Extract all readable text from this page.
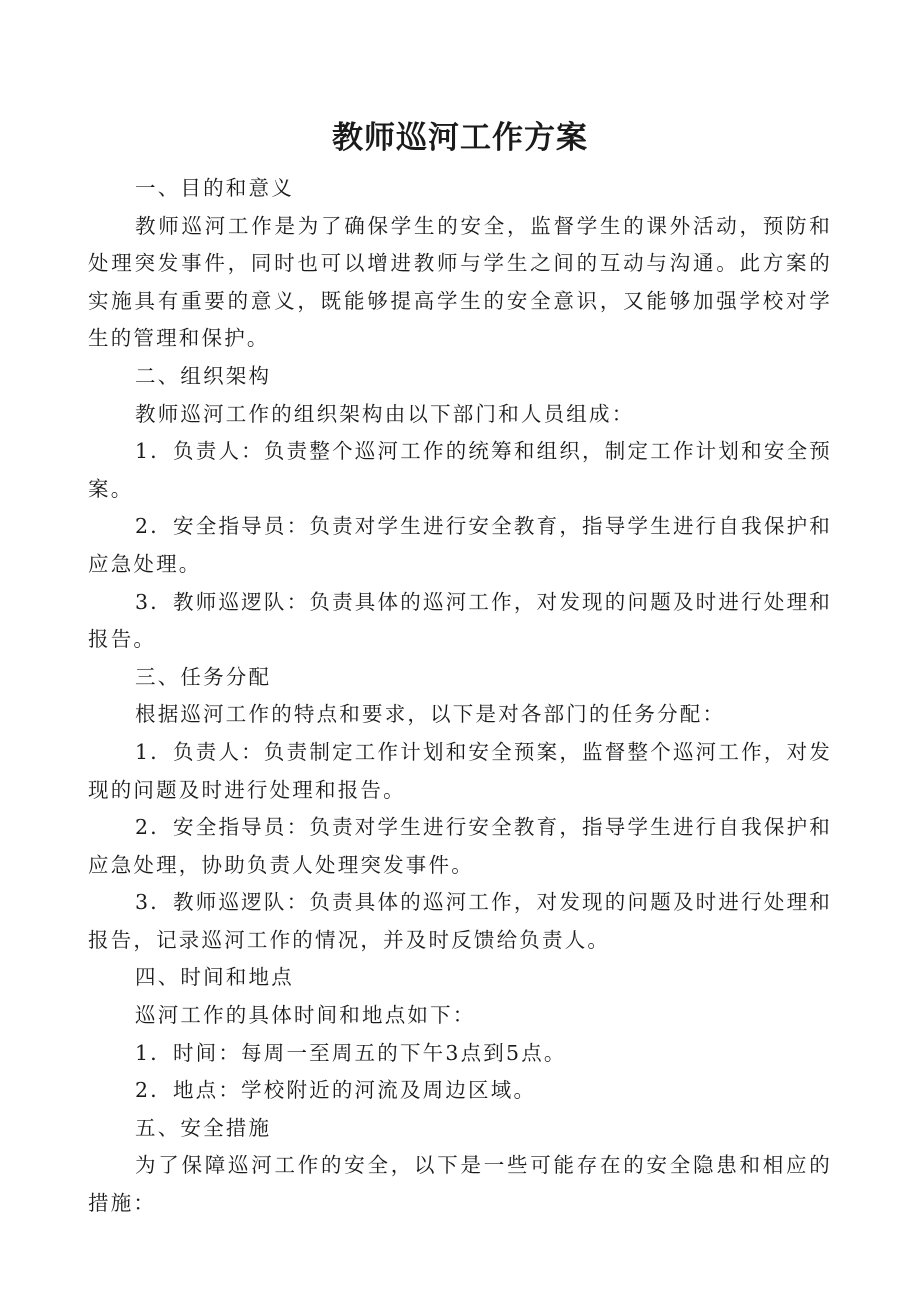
教师巡河工作方案

一、目的和意义

教师巡河工作是为了确保学生的安全，监督学生的课外活动，预防和处理突发事件，同时也可以增进教师与学生之间的互动与沟通。此方案的实施具有重要的意义，既能够提高学生的安全意识，又能够加强学校对学生的管理和保护。

二、组织架构

教师巡河工作的组织架构由以下部门和人员组成：

1．负责人：负责整个巡河工作的统筹和组织，制定工作计划和安全预案。

2．安全指导员：负责对学生进行安全教育，指导学生进行自我保护和应急处理。

3．教师巡逻队：负责具体的巡河工作，对发现的问题及时进行处理和报告。

三、任务分配

根据巡河工作的特点和要求，以下是对各部门的任务分配：

1．负责人：负责制定工作计划和安全预案，监督整个巡河工作，对发现的问题及时进行处理和报告。

2．安全指导员：负责对学生进行安全教育，指导学生进行自我保护和应急处理，协助负责人处理突发事件。

3．教师巡逻队：负责具体的巡河工作，对发现的问题及时进行处理和报告，记录巡河工作的情况，并及时反馈给负责人。

四、时间和地点

巡河工作的具体时间和地点如下：

1．时间：每周一至周五的下午3点到5点。

2．地点：学校附近的河流及周边区域。

五、安全措施

为了保障巡河工作的安全，以下是一些可能存在的安全隐患和相应的措施：
